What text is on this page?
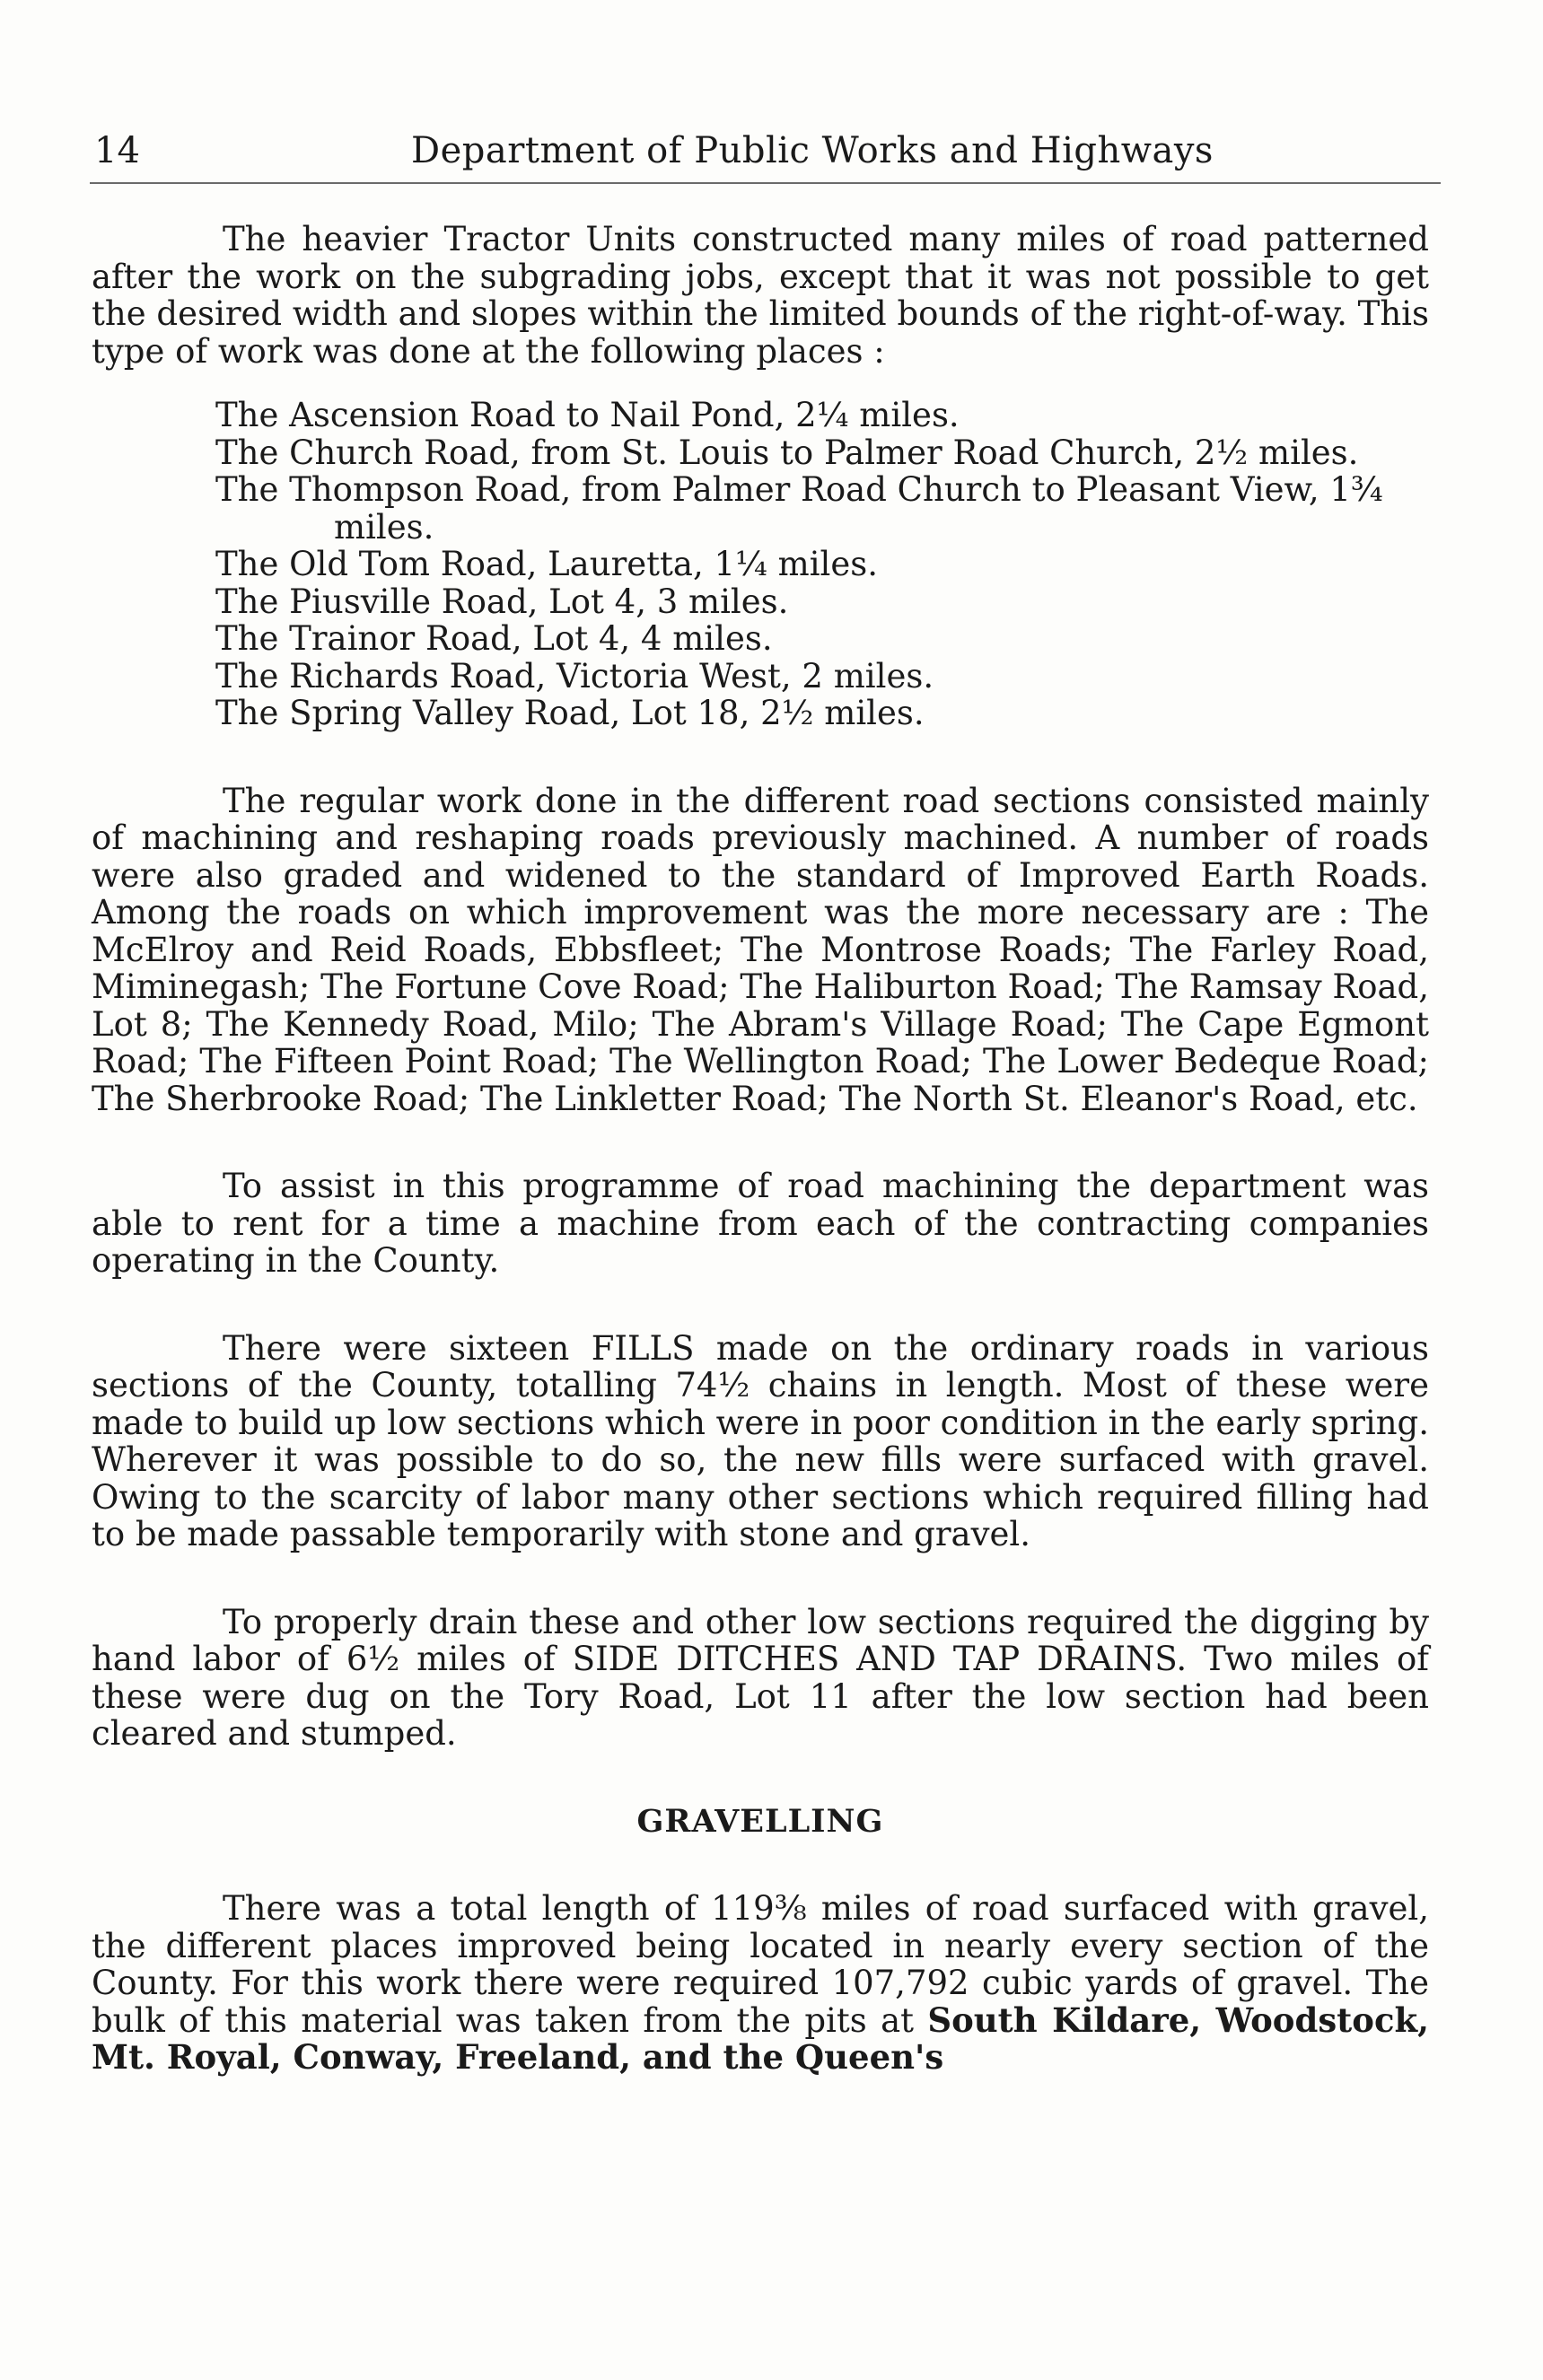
14	Department of Public Works and Highways

The heavier Tractor Units constructed many miles of road patterned after the work on the subgrading jobs, except that it was not possible to get the desired width and slopes within the limited bounds of the right-of-way. This type of work was done at the following places :

The Ascension Road to Nail Pond, 2¼ miles.
The Church Road, from St. Louis to Palmer Road Church, 2½ miles.
The Thompson Road, from Palmer Road Church to Pleasant View, 1¾ miles.
The Old Tom Road, Lauretta, 1¼ miles.
The Piusville Road, Lot 4, 3 miles.
The Trainor Road, Lot 4, 4 miles.
The Richards Road, Victoria West, 2 miles.
The Spring Valley Road, Lot 18, 2½ miles.

The regular work done in the different road sections consisted mainly of machining and reshaping roads previously machined. A number of roads were also graded and widened to the standard of Improved Earth Roads. Among the roads on which improvement was the more necessary are : The McElroy and Reid Roads, Ebbsfleet; The Montrose Roads; The Farley Road, Miminegash; The Fortune Cove Road; The Haliburton Road; The Ramsay Road, Lot 8; The Kennedy Road, Milo; The Abram's Village Road; The Cape Egmont Road; The Fifteen Point Road; The Wellington Road; The Lower Bedeque Road; The Sherbrooke Road; The Linkletter Road; The North St. Eleanor's Road, etc.

To assist in this programme of road machining the department was able to rent for a time a machine from each of the contracting companies operating in the County.

There were sixteen FILLS made on the ordinary roads in various sections of the County, totalling 74½ chains in length. Most of these were made to build up low sections which were in poor condition in the early spring. Wherever it was possible to do so, the new fills were surfaced with gravel. Owing to the scarcity of labor many other sections which required filling had to be made passable temporarily with stone and gravel.

To properly drain these and other low sections required the digging by hand labor of 6½ miles of SIDE DITCHES AND TAP DRAINS. Two miles of these were dug on the Tory Road, Lot 11 after the low section had been cleared and stumped.

GRAVELLING

There was a total length of 119⅜ miles of road surfaced with gravel, the different places improved being located in nearly every section of the County. For this work there were required 107,792 cubic yards of gravel. The bulk of this material was taken from the pits at South Kildare, Woodstock, Mt. Royal, Conway, Freeland, and the Queen's
